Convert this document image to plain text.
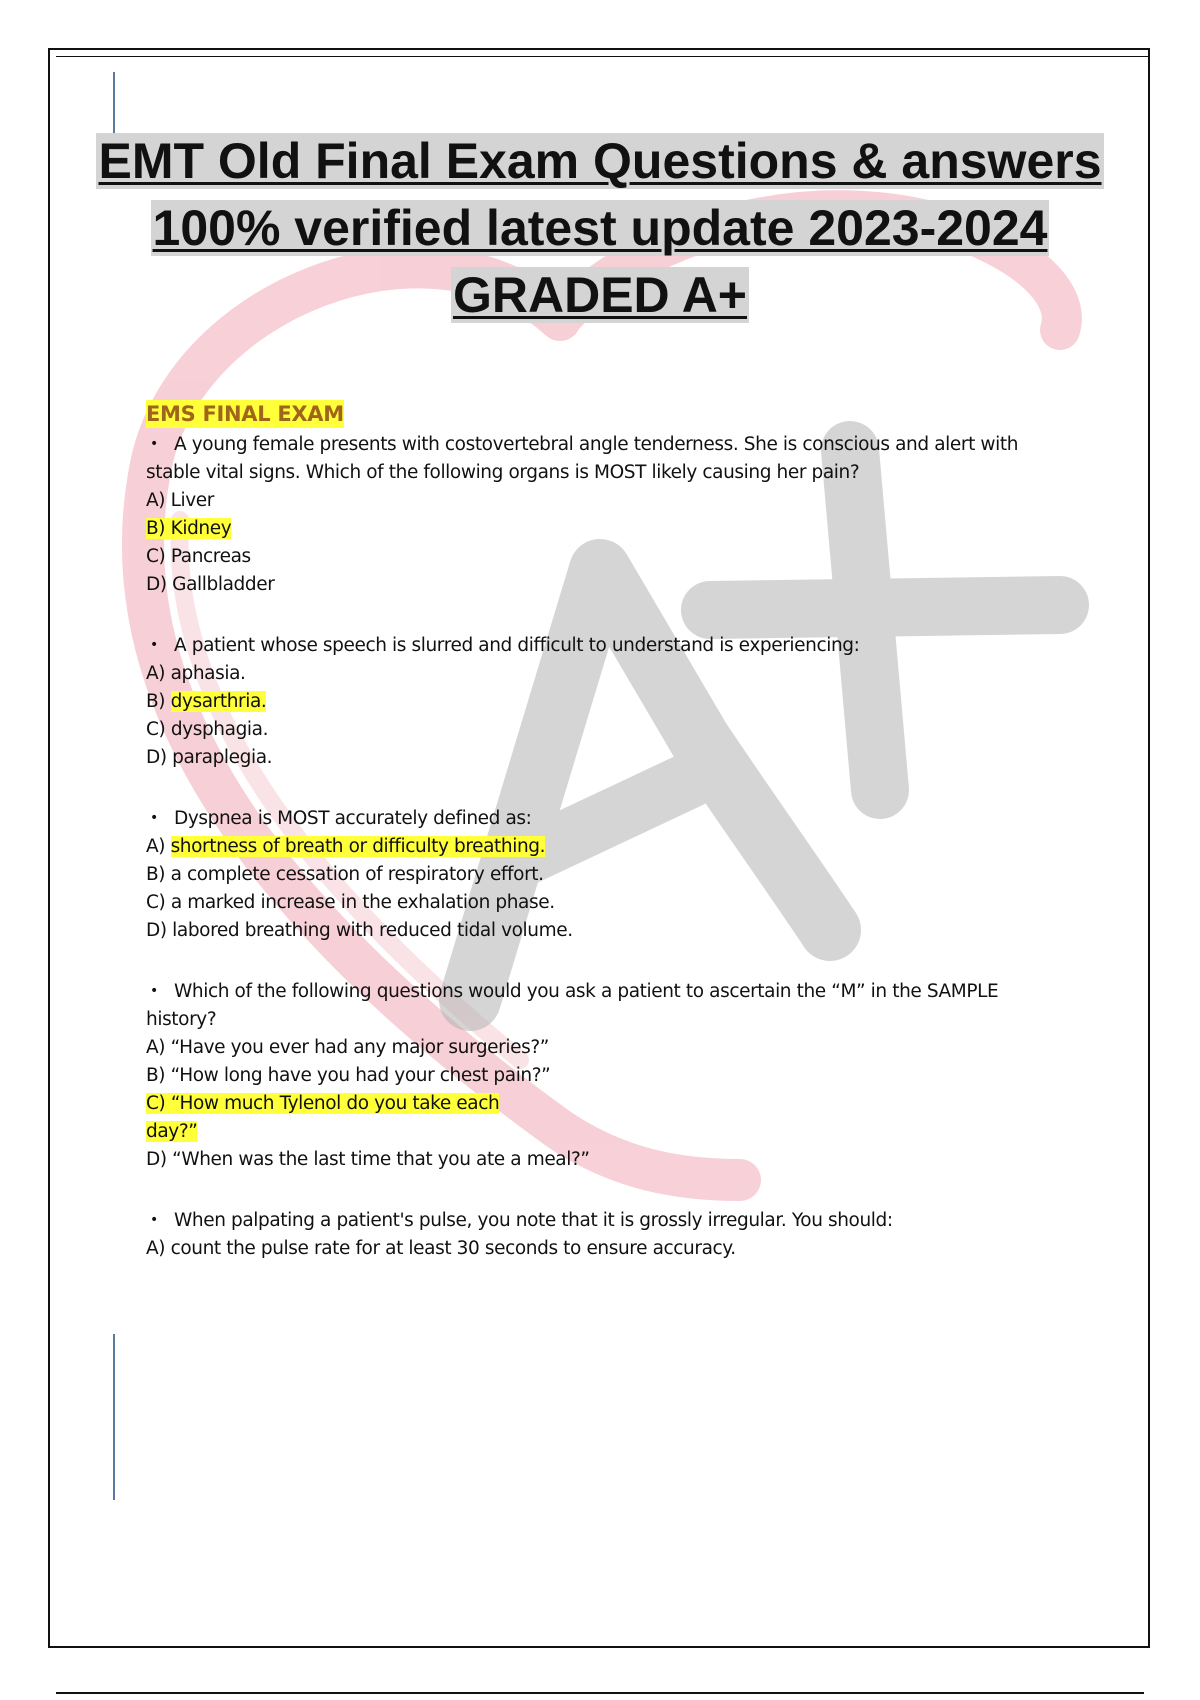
EMT Old Final Exam Questions & answers
100% verified latest update 2023-2024
GRADED A+
EMS FINAL EXAM
• A young female presents with costovertebral angle tenderness. She is conscious and alert with stable vital signs. Which of the following organs is MOST likely causing her pain?
A) Liver
B) Kidney
C) Pancreas
D) Gallbladder
• A patient whose speech is slurred and difficult to understand is experiencing:
A) aphasia.
B) dysarthria.
C) dysphagia.
D) paraplegia.
• Dyspnea is MOST accurately defined as:
A) shortness of breath or difficulty breathing.
B) a complete cessation of respiratory effort.
C) a marked increase in the exhalation phase.
D) labored breathing with reduced tidal volume.
• Which of the following questions would you ask a patient to ascertain the “M” in the SAMPLE history?
A) “Have you ever had any major surgeries?”
B) “How long have you had your chest pain?”
C) “How much Tylenol do you take each
day?”
D) “When was the last time that you ate a meal?”
• When palpating a patient's pulse, you note that it is grossly irregular. You should:
A) count the pulse rate for at least 30 seconds to ensure accuracy.
